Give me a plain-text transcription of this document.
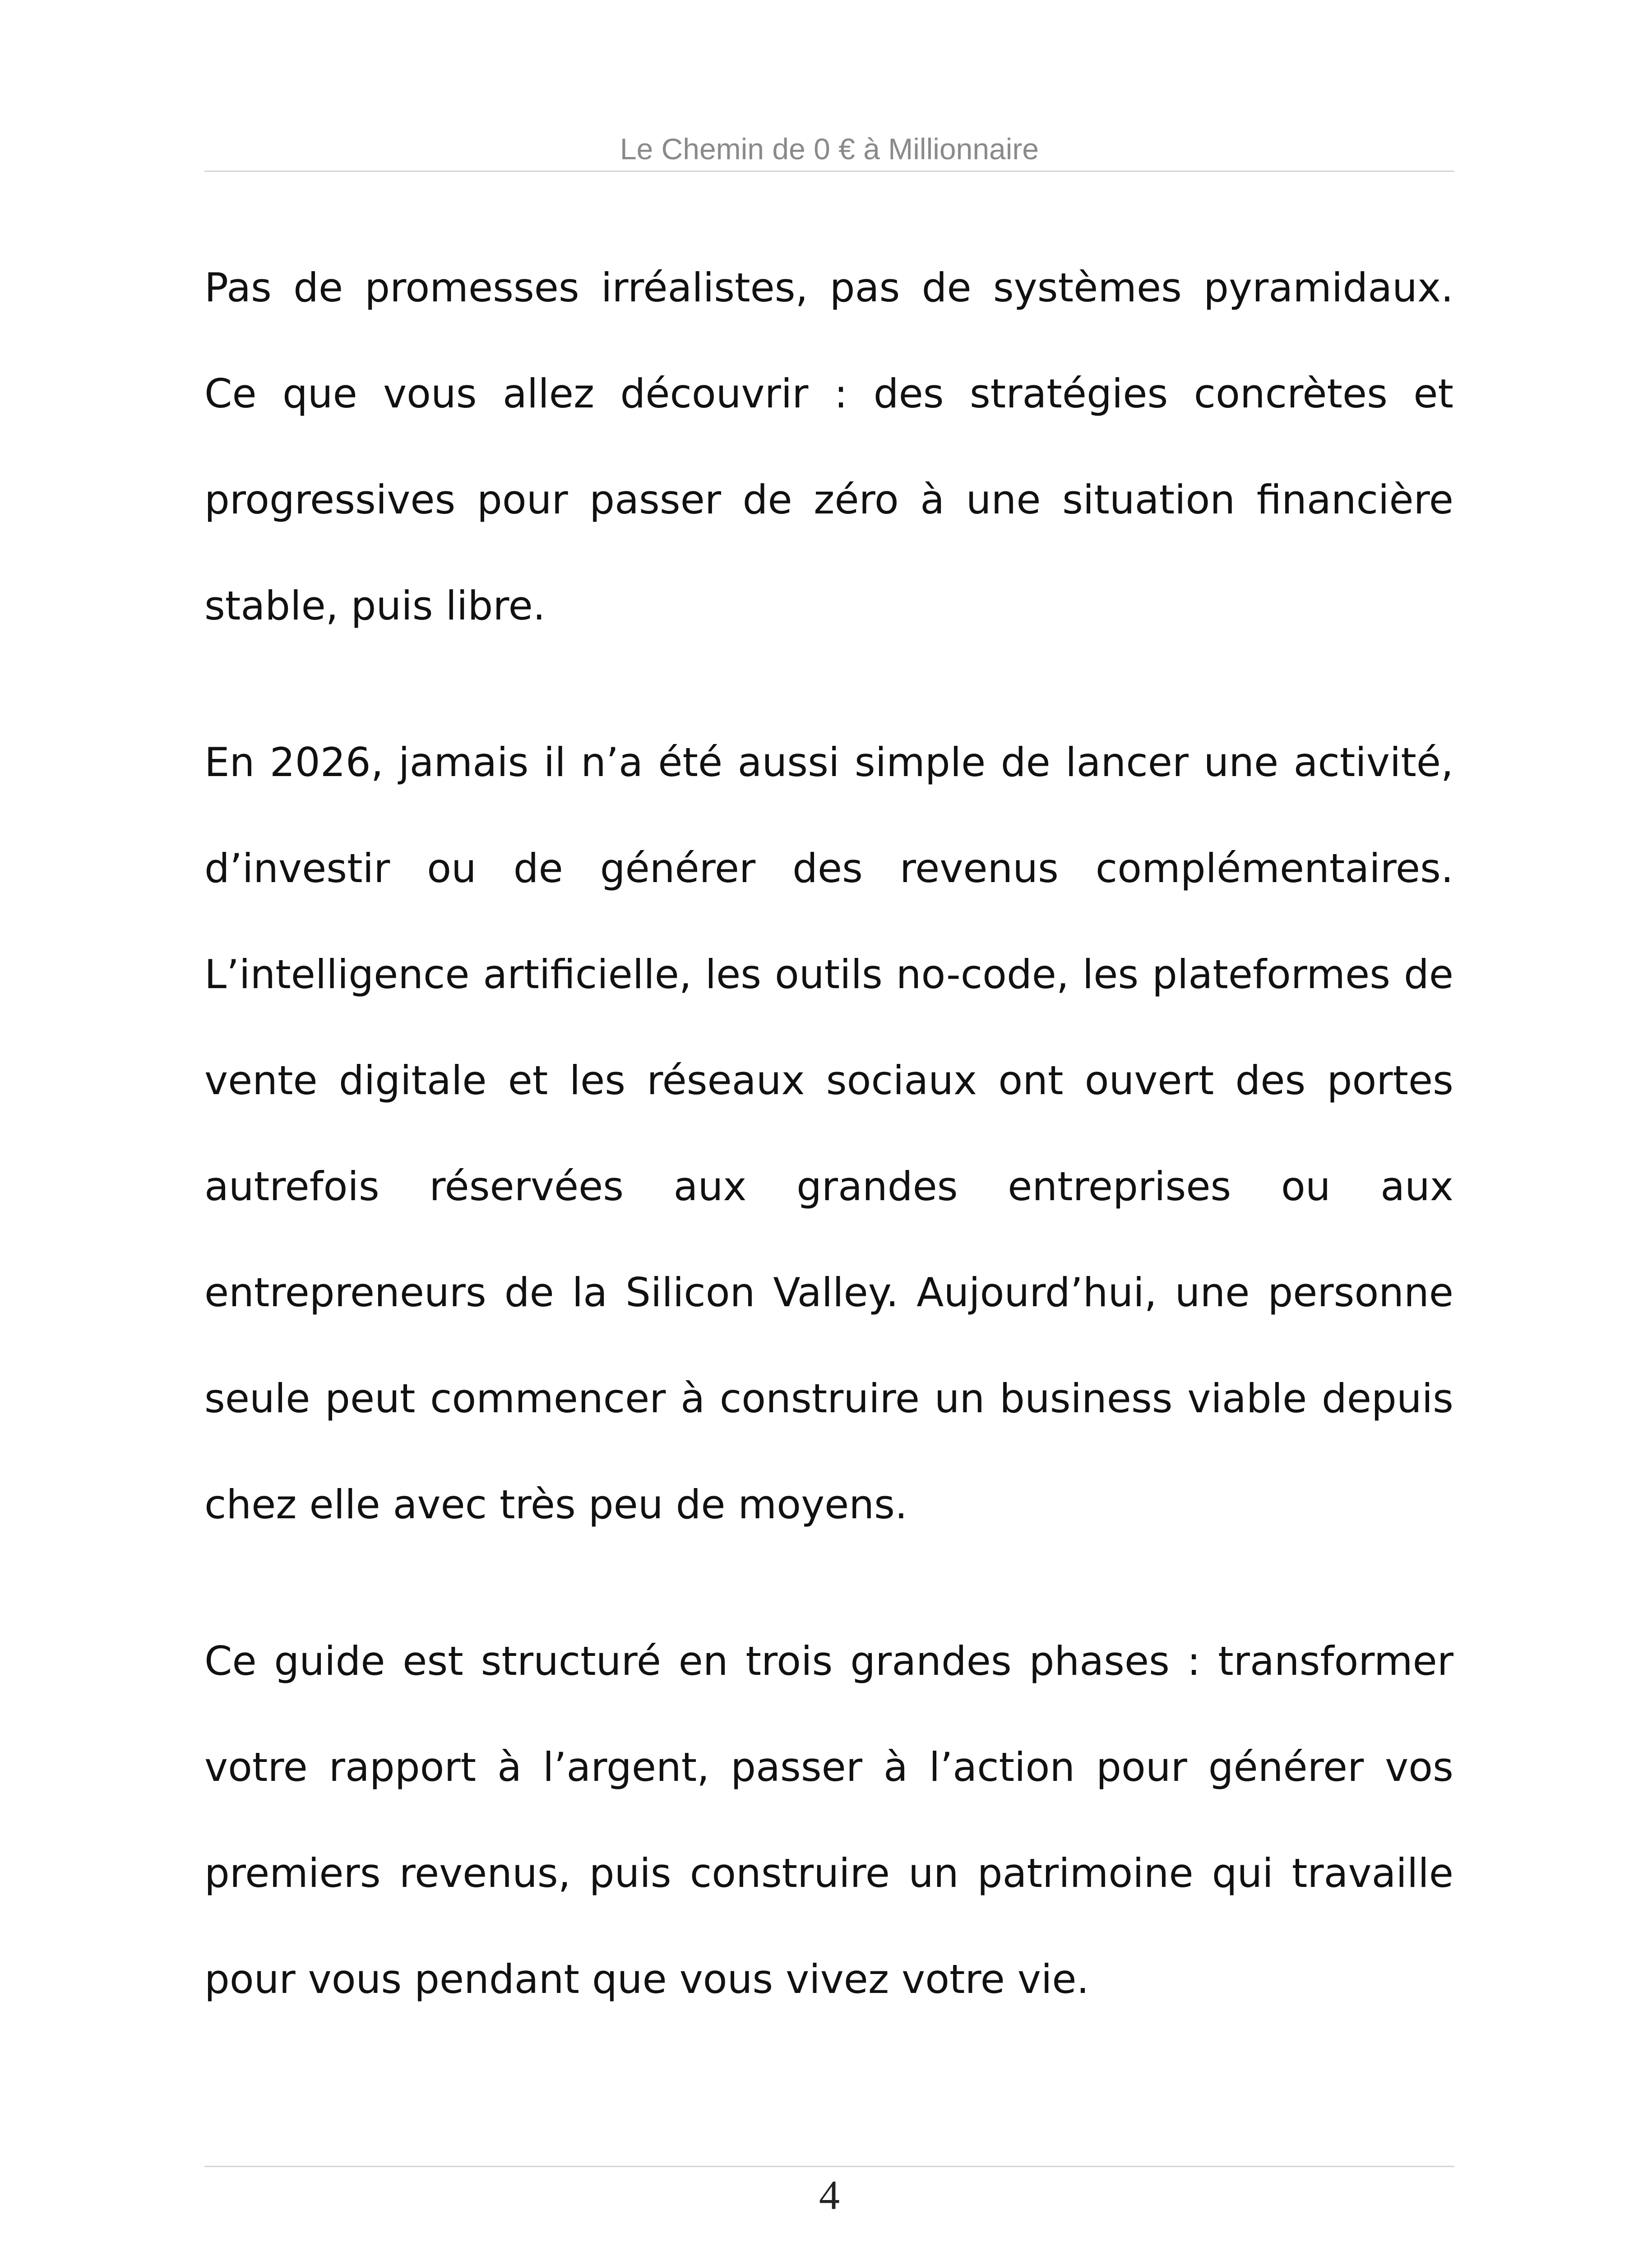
Le Chemin de 0 € à Millionnaire

Pas de promesses irréalistes, pas de systèmes pyramidaux. Ce que vous allez découvrir : des stratégies concrètes et progressives pour passer de zéro à une situation financière stable, puis libre.

En 2026, jamais il n’a été aussi simple de lancer une activité, d’investir ou de générer des revenus complémentaires. L’intelligence artificielle, les outils no-code, les plateformes de vente digitale et les réseaux sociaux ont ouvert des portes autrefois réservées aux grandes entreprises ou aux entrepreneurs de la Silicon Valley. Aujourd’hui, une personne seule peut commencer à construire un business viable depuis chez elle avec très peu de moyens.

Ce guide est structuré en trois grandes phases : transformer votre rapport à l’argent, passer à l’action pour générer vos premiers revenus, puis construire un patrimoine qui travaille pour vous pendant que vous vivez votre vie.

4
